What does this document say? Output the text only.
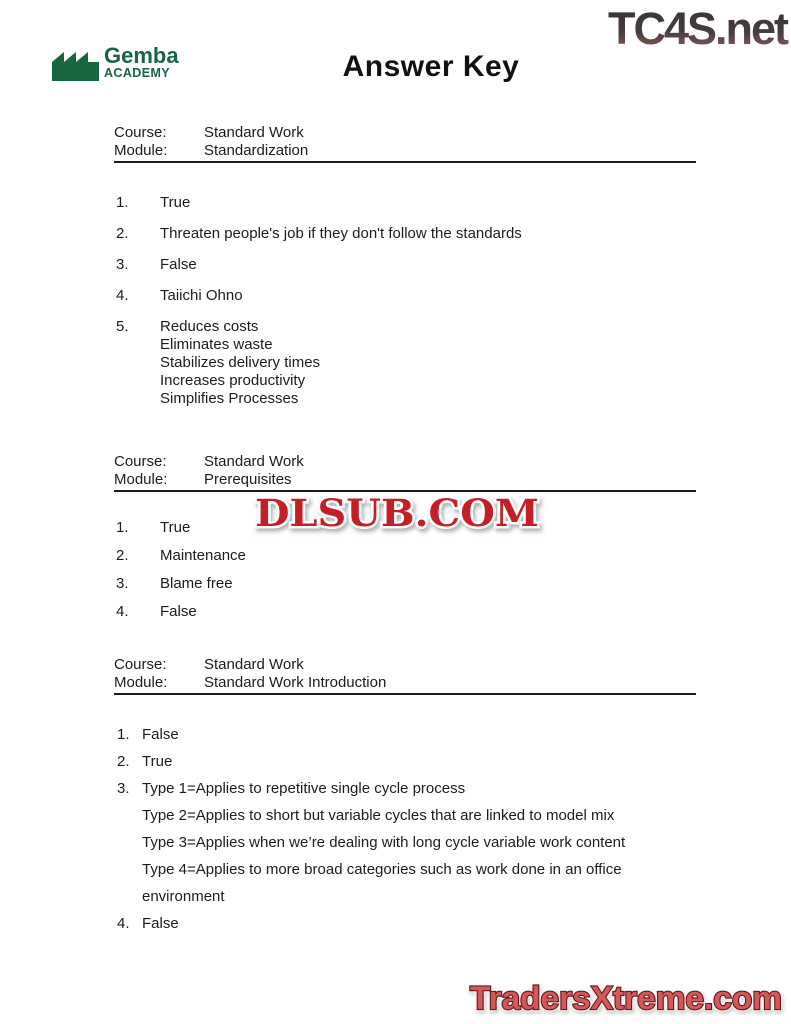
TC4S.net
Gemba
ACADEMY	Answer Key
Course:	Standard Work
Module:	Standardization
1. True
2. Threaten people's job if they don't follow the standards
3. False
4. Taiichi Ohno
5. Reduces costs
Eliminates waste
Stabilizes delivery times
Increases productivity
Simplifies Processes
Course:	Standard Work
Module:	Prerequisites
1. True
2. Maintenance
3. Blame free
4. False
Course:	Standard Work
Module:	Standard Work Introduction
1. False
2. True
3. Type 1=Applies to repetitive single cycle process
Type 2=Applies to short but variable cycles that are linked to model mix
Type 3=Applies when we’re dealing with long cycle variable work content
Type 4=Applies to more broad categories such as work done in an office
environment
4. False
DLSUB.COM
TradersXtreme.com
